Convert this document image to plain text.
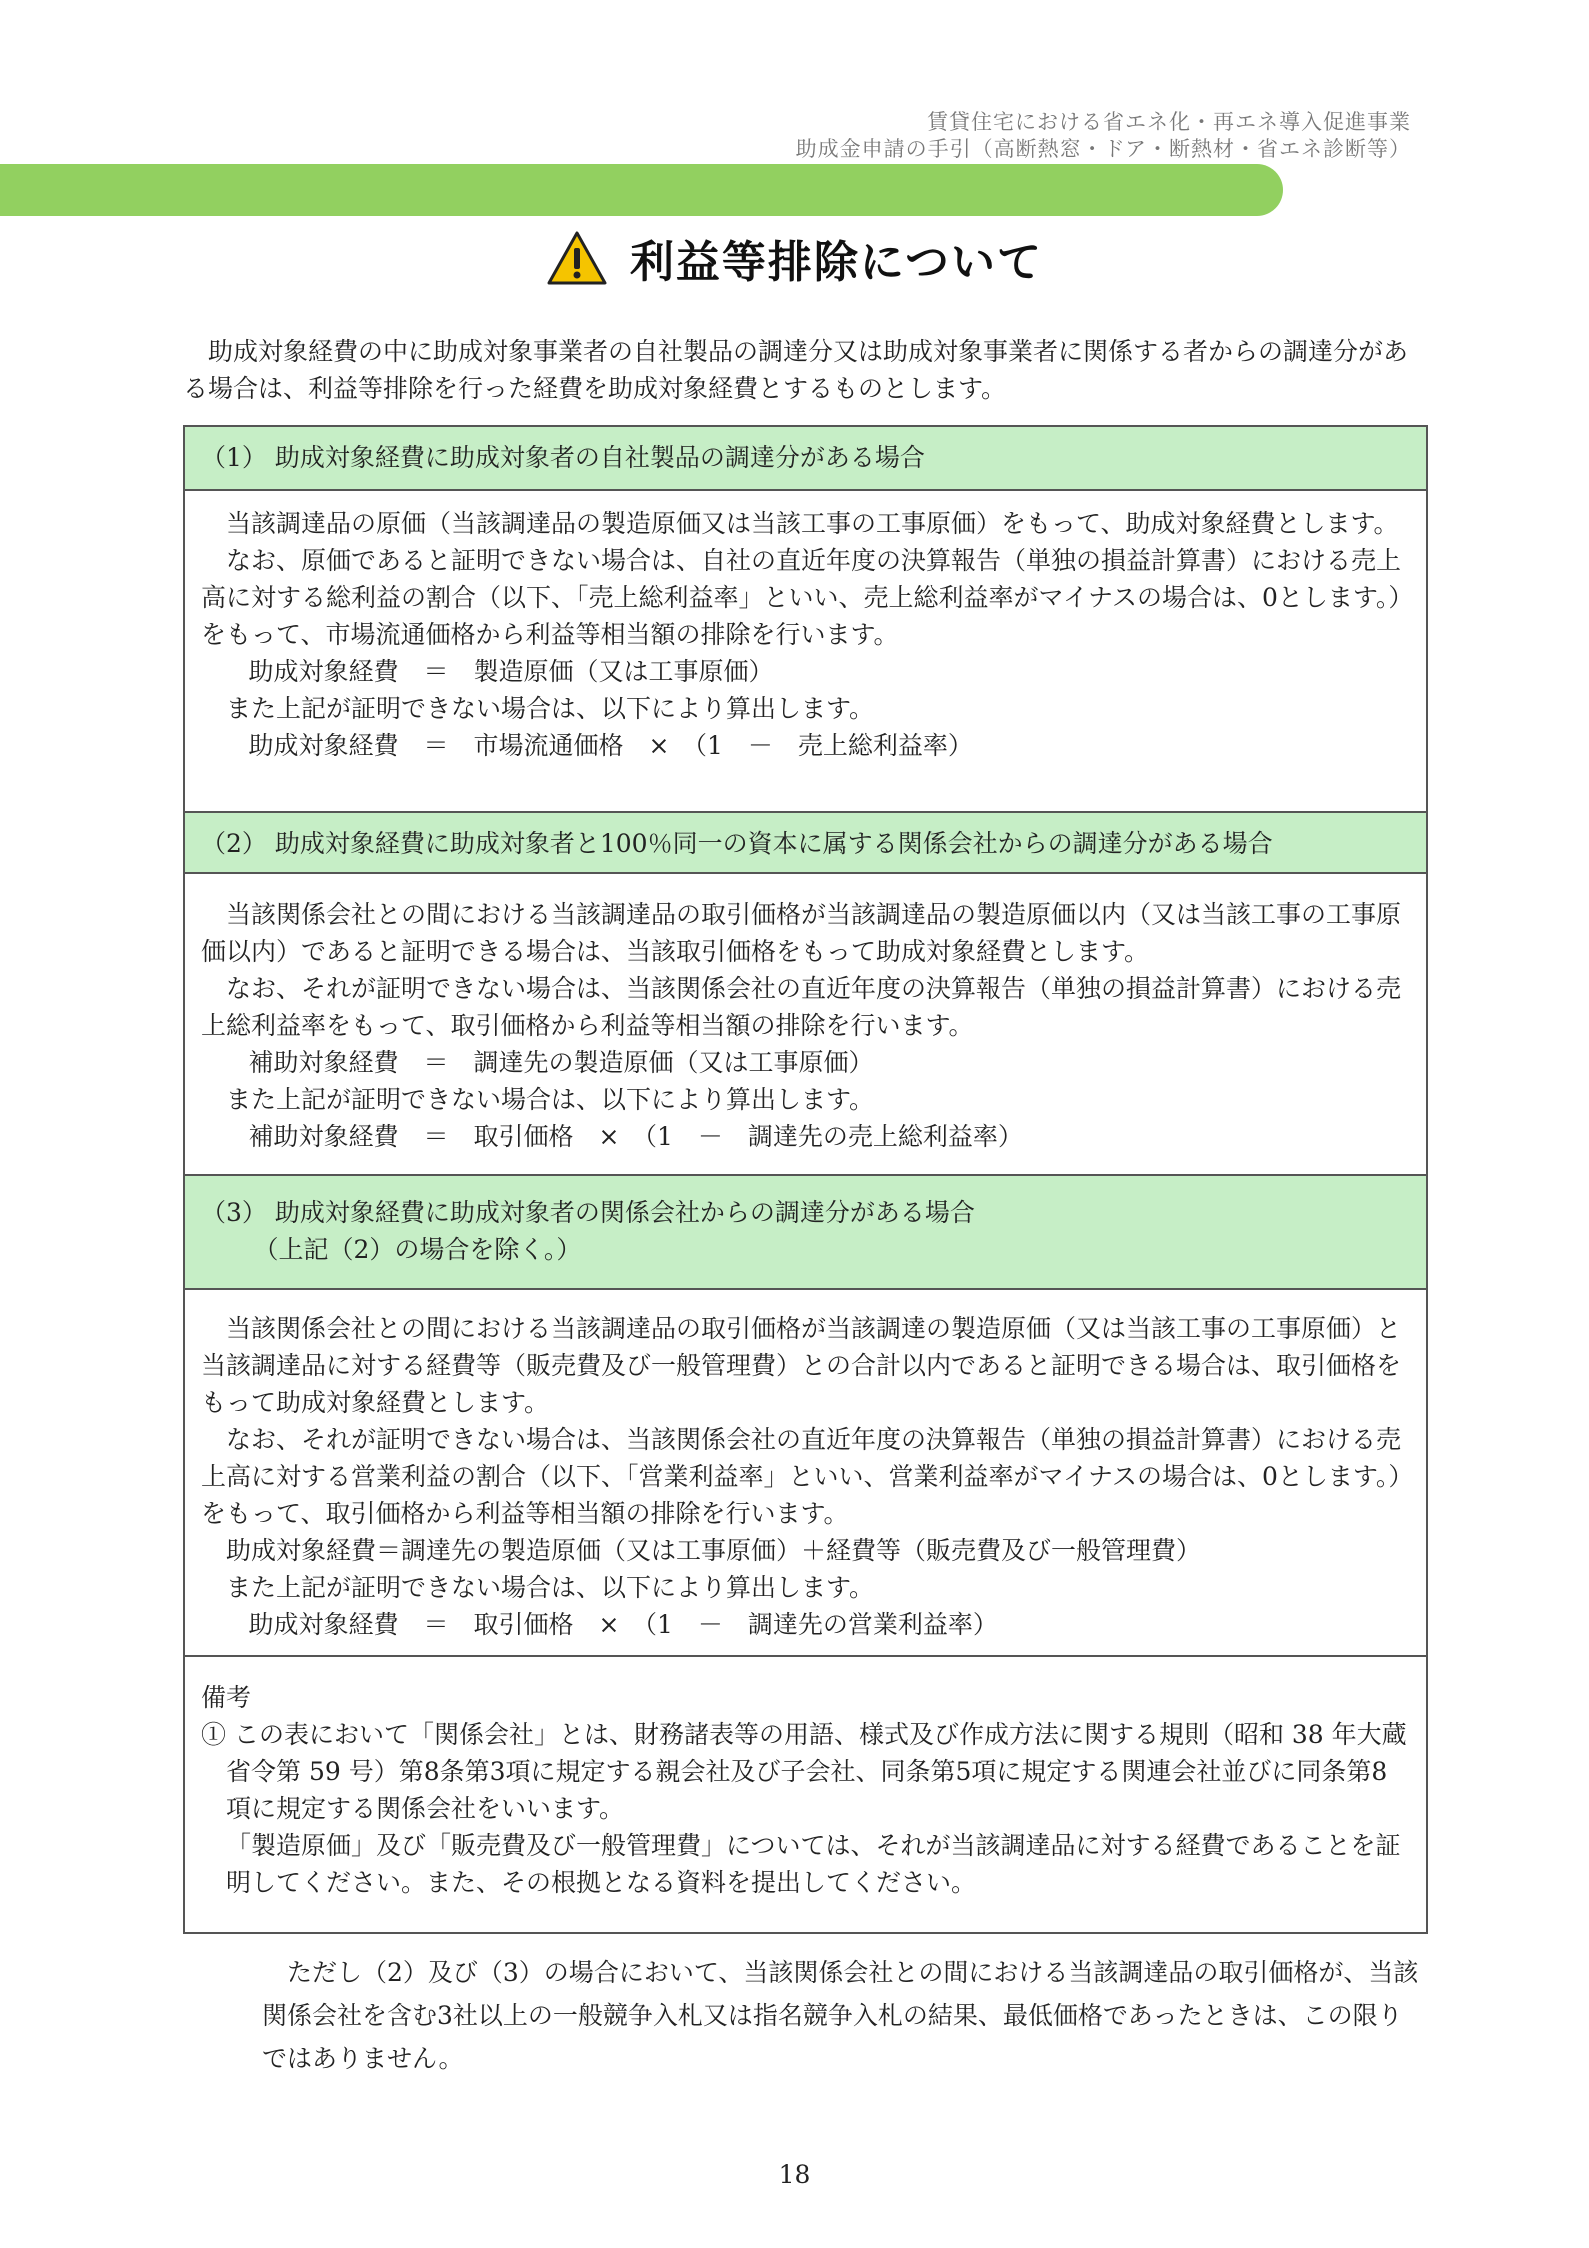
賃貸住宅における省エネ化・再エネ導入促進事業
助成金申請の手引（高断熱窓・ドア・断熱材・省エネ診断等）
利益等排除について

助成対象経費の中に助成対象事業者の自社製品の調達分又は助成対象事業者に関係する者からの調達分がある場合は、利益等排除を行った経費を助成対象経費とするものとします。

（1） 助成対象経費に助成対象者の自社製品の調達分がある場合

当該調達品の原価（当該調達品の製造原価又は当該工事の工事原価）をもって、助成対象経費とします。

なお、原価であると証明できない場合は、自社の直近年度の決算報告（単独の損益計算書）における売上高に対する総利益の割合（以下、「売上総利益率」といい、売上総利益率がマイナスの場合は、0とします。）をもって、市場流通価格から利益等相当額の排除を行います。

助成対象経費　＝　製造原価（又は工事原価）

また上記が証明できない場合は、以下により算出します。

助成対象経費　＝　市場流通価格　×　（1　－　売上総利益率）

（2） 助成対象経費に助成対象者と100％同一の資本に属する関係会社からの調達分がある場合

当該関係会社との間における当該調達品の取引価格が当該調達品の製造原価以内（又は当該工事の工事原価以内）であると証明できる場合は、当該取引価格をもって助成対象経費とします。

なお、それが証明できない場合は、当該関係会社の直近年度の決算報告（単独の損益計算書）における売上総利益率をもって、取引価格から利益等相当額の排除を行います。

補助対象経費　＝　調達先の製造原価（又は工事原価）

また上記が証明できない場合は、以下により算出します。

補助対象経費　＝　取引価格　×　（1　－　調達先の売上総利益率）

（3） 助成対象経費に助成対象者の関係会社からの調達分がある場合

（上記（2）の場合を除く。）

当該関係会社との間における当該調達品の取引価格が当該調達の製造原価（又は当該工事の工事原価）と当該調達品に対する経費等（販売費及び一般管理費）との合計以内であると証明できる場合は、取引価格をもって助成対象経費とします。

なお、それが証明できない場合は、当該関係会社の直近年度の決算報告（単独の損益計算書）における売上高に対する営業利益の割合（以下、「営業利益率」といい、営業利益率がマイナスの場合は、0とします。）をもって、取引価格から利益等相当額の排除を行います。

助成対象経費＝調達先の製造原価（又は工事原価）＋経費等（販売費及び一般管理費）

また上記が証明できない場合は、以下により算出します。

助成対象経費　＝　取引価格　×　（1　－　調達先の営業利益率）

備考

① この表において「関係会社」とは、財務諸表等の用語、様式及び作成方法に関する規則（昭和 38 年大蔵省令第 59 号）第8条第3項に規定する親会社及び子会社、同条第5項に規定する関連会社並びに同条第8項に規定する関係会社をいいます。

「製造原価」及び「販売費及び一般管理費」については、それが当該調達品に対する経費であることを証明してください。また、その根拠となる資料を提出してください。

ただし（2）及び（3）の場合において、当該関係会社との間における当該調達品の取引価格が、当該関係会社を含む3社以上の一般競争入札又は指名競争入札の結果、最低価格であったときは、この限りではありません。

18
